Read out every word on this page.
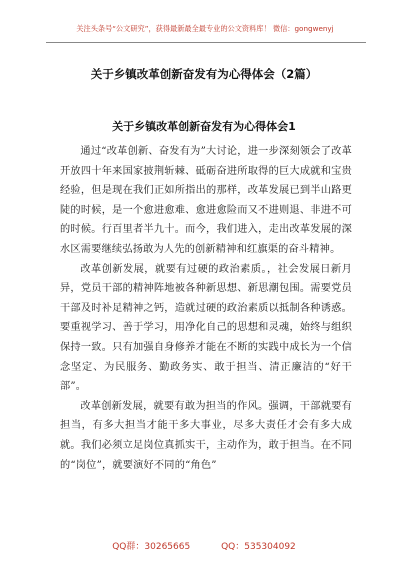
关注头条号“公文研究”，获得最新最全最专业的公文资料库！ 微信：gongwenyj
关于乡镇改革创新奋发有为心得体会（2篇）
关于乡镇改革创新奋发有为心得体会1

通过“改革创新、奋发有为”大讨论，进一步深刻领会了改革开放四十年来国家披荆斩棘、砥砺奋进所取得的巨大成就和宝贵经验，但是现在我们正如所指出的那样，改革发展已到半山路更陡的时候，是一个愈进愈难、愈进愈险而又不进则退、非进不可的时候。行百里者半九十。而今，我们进入，走出改革发展的深水区需要继续弘扬敢为人先的创新精神和红旗渠的奋斗精神。

改革创新发展，就要有过硬的政治素质。，社会发展日新月异，党员干部的精神阵地被各种新思想、新思潮包围。需要党员干部及时补足精神之钙，造就过硬的政治素质以抵制各种诱惑。要重视学习、善于学习，用净化自己的思想和灵魂，始终与组织保持一致。只有加强自身修养才能在不断的实践中成长为一个信念坚定、为民服务、勤政务实、敢于担当、清正廉洁的“好干部”。

改革创新发展，就要有敢为担当的作风。强调，干部就要有担当，有多大担当才能干多大事业，尽多大责任才会有多大成就。我们必须立足岗位真抓实干，主动作为，敢于担当。在不同的“岗位”，就要演好不同的“角色”

QQ群：30265665	QQ：535304092
